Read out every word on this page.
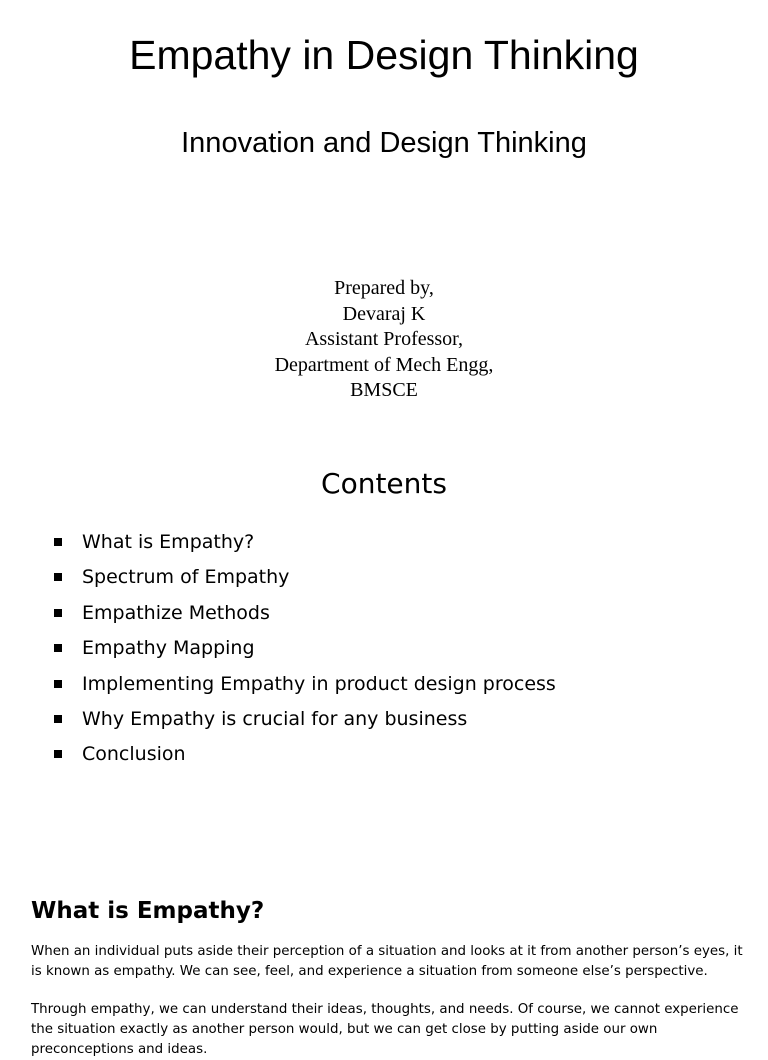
Empathy in Design Thinking
Innovation and Design Thinking
Prepared by,
Devaraj K
Assistant Professor,
Department of Mech Engg,
BMSCE
Contents
What is Empathy?
Spectrum of Empathy
Empathize Methods
Empathy Mapping
Implementing Empathy in product design process
Why Empathy is crucial for any business
Conclusion
What is Empathy?

When an individual puts aside their perception of a situation and looks at it from another person’s eyes, it is known as empathy. We can see, feel, and experience a situation from someone else’s perspective.

Through empathy, we can understand their ideas, thoughts, and needs. Of course, we cannot experience the situation exactly as another person would, but we can get close by putting aside our own preconceptions and ideas.
